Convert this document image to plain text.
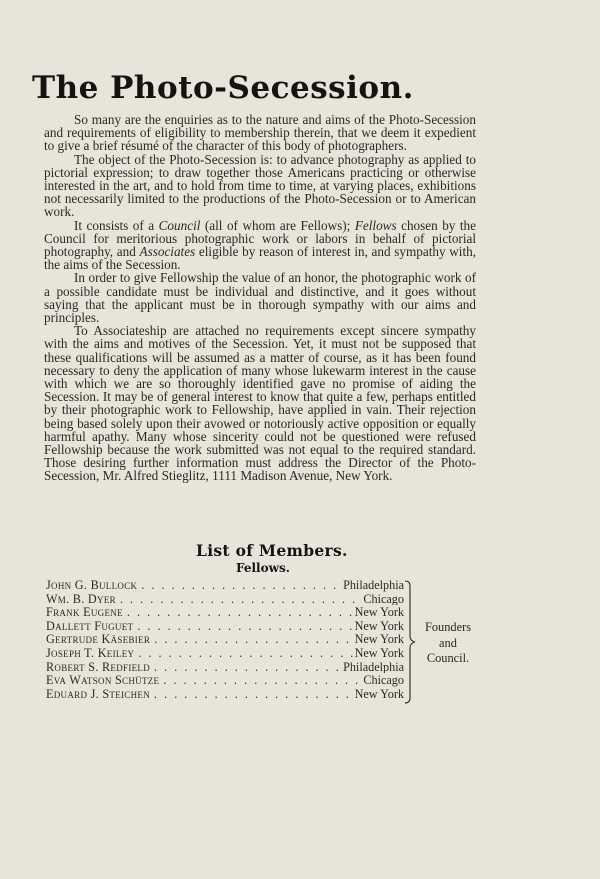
The Photo-Secession.

So many are the enquiries as to the nature and aims of the Photo-Secession and requirements of eligibility to membership therein, that we deem it expedient to give a brief résumé of the character of this body of photographers.

The object of the Photo-Secession is: to advance photography as applied to pictorial expression; to draw together those Americans practicing or otherwise interested in the art, and to hold from time to time, at varying places, exhibitions not necessarily limited to the productions of the Photo-Secession or to American work.

It consists of a Council (all of whom are Fellows); Fellows chosen by the Council for meritorious photographic work or labors in behalf of pictorial photography, and Associates eligible by reason of interest in, and sympathy with, the aims of the Secession.

In order to give Fellowship the value of an honor, the photographic work of a possible candidate must be individual and distinctive, and it goes without saying that the applicant must be in thorough sympathy with our aims and principles.

To Associateship are attached no requirements except sincere sympathy with the aims and motives of the Secession. Yet, it must not be supposed that these qualifications will be assumed as a matter of course, as it has been found necessary to deny the application of many whose lukewarm interest in the cause with which we are so thoroughly identified gave no promise of aiding the Secession. It may be of general interest to know that quite a few, perhaps entitled by their photographic work to Fellowship, have applied in vain. Their rejection being based solely upon their avowed or notoriously active opposition or equally harmful apathy. Many whose sincerity could not be questioned were refused Fellowship because the work submitted was not equal to the required standard. Those desiring further information must address the Director of the Photo-Secession, Mr. Alfred Stieglitz, 1111 Madison Avenue, New York.

List of Members.
Fellows.
John G. Bullock . . .	Philadelphia
Wm. B. Dyer . . .	Chicago
Frank Eugene . . .	New York
Dallett Fuguet . . .	New York
Gertrude Käsebier . . .	New York
Joseph T. Keiley . . .	New York
Robert S. Redfield . . .	Philadelphia
Eva Watson Schütze . . .	Chicago
Eduard J. Steichen . . .	New York
Founders
and
Council.
